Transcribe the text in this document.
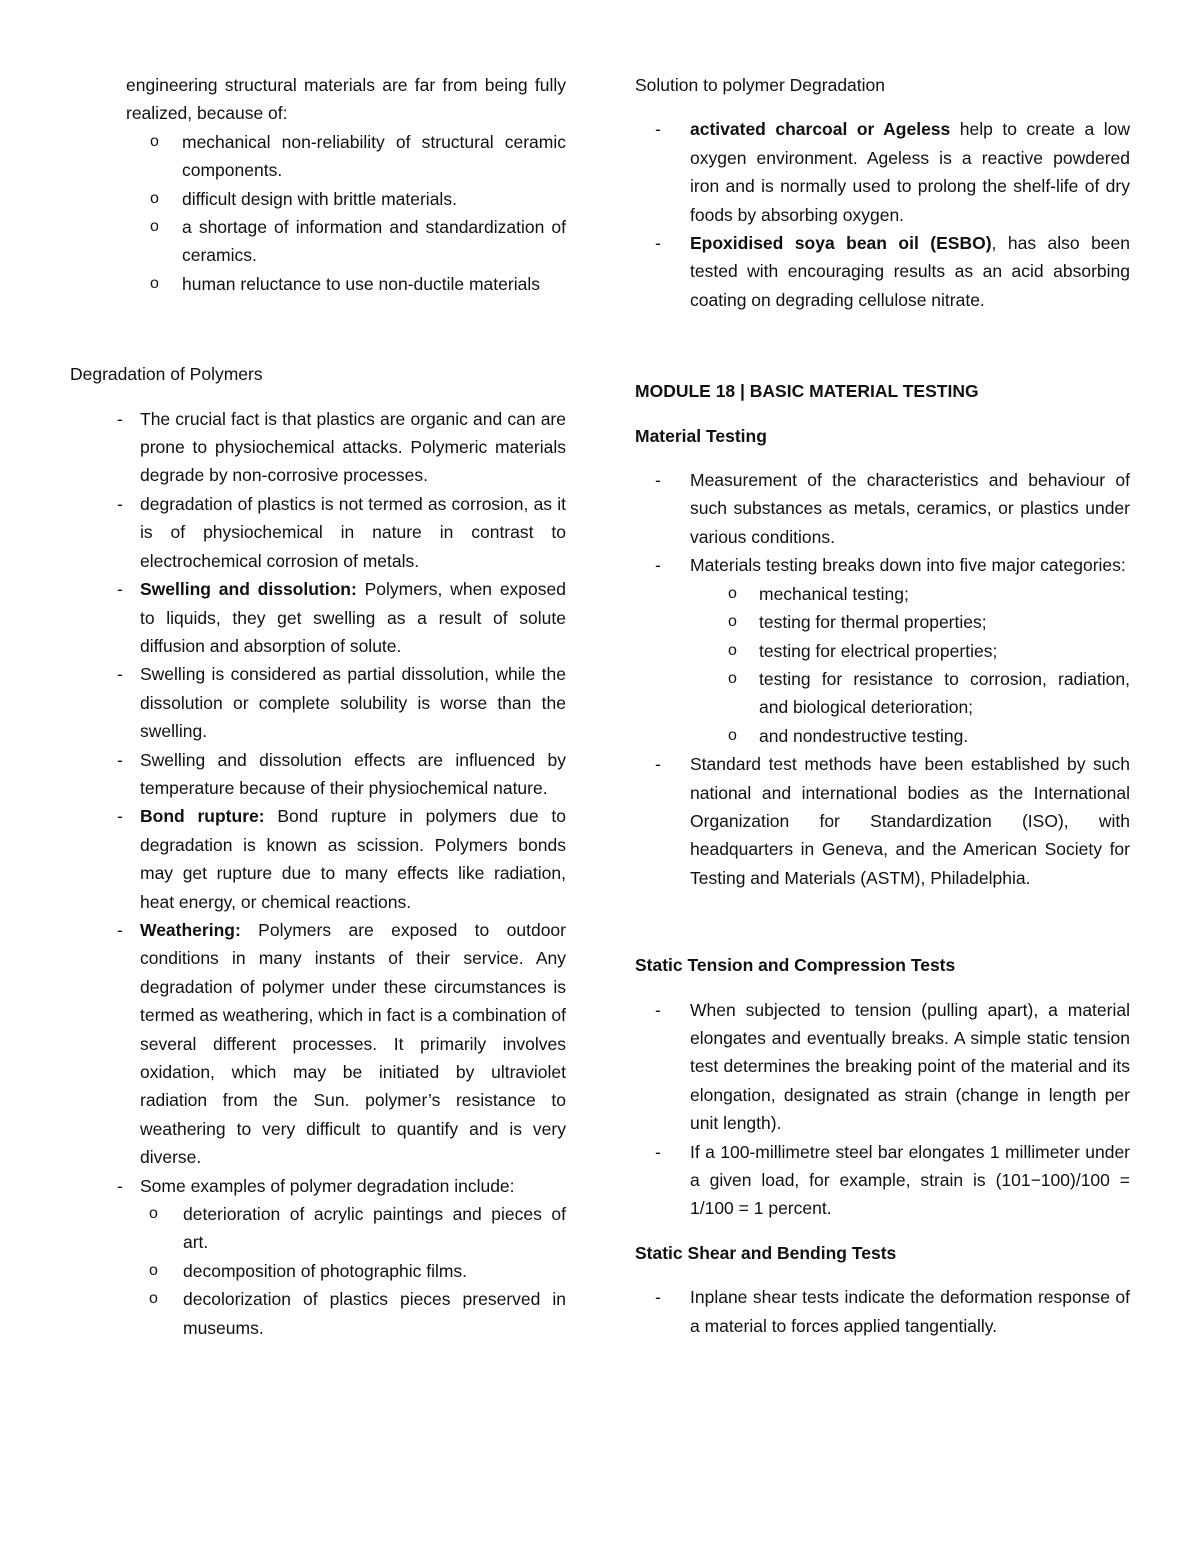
engineering structural materials are far from being fully realized, because of:

o mechanical non-reliability of structural ceramic components.
o difficult design with brittle materials.
o a shortage of information and standardization of ceramics.
o human reluctance to use non-ductile materials

Degradation of Polymers

- The crucial fact is that plastics are organic and can are prone to physiochemical attacks. Polymeric materials degrade by non-corrosive processes.
- degradation of plastics is not termed as corrosion, as it is of physiochemical in nature in contrast to electrochemical corrosion of metals.
- Swelling and dissolution: Polymers, when exposed to liquids, they get swelling as a result of solute diffusion and absorption of solute.
- Swelling is considered as partial dissolution, while the dissolution or complete solubility is worse than the swelling.
- Swelling and dissolution effects are influenced by temperature because of their physiochemical nature.
- Bond rupture: Bond rupture in polymers due to degradation is known as scission. Polymers bonds may get rupture due to many effects like radiation, heat energy, or chemical reactions.
- Weathering: Polymers are exposed to outdoor conditions in many instants of their service. Any degradation of polymer under these circumstances is termed as weathering, which in fact is a combination of several different processes. It primarily involves oxidation, which may be initiated by ultraviolet radiation from the Sun. polymer’s resistance to weathering to very difficult to quantify and is very diverse.
- Some examples of polymer degradation include:
o deterioration of acrylic paintings and pieces of art.
o decomposition of photographic films.
o decolorization of plastics pieces preserved in museums.

Solution to polymer Degradation

- activated charcoal or Ageless help to create a low oxygen environment. Ageless is a reactive powdered iron and is normally used to prolong the shelf-life of dry foods by absorbing oxygen.
- Epoxidised soya bean oil (ESBO), has also been tested with encouraging results as an acid absorbing coating on degrading cellulose nitrate.

MODULE 18 | BASIC MATERIAL TESTING

Material Testing

- Measurement of the characteristics and behaviour of such substances as metals, ceramics, or plastics under various conditions.
- Materials testing breaks down into five major categories:
o mechanical testing;
o testing for thermal properties;
o testing for electrical properties;
o testing for resistance to corrosion, radiation, and biological deterioration;
o and nondestructive testing.
- Standard test methods have been established by such national and international bodies as the International Organization for Standardization (ISO), with headquarters in Geneva, and the American Society for Testing and Materials (ASTM), Philadelphia.

Static Tension and Compression Tests

- When subjected to tension (pulling apart), a material elongates and eventually breaks. A simple static tension test determines the breaking point of the material and its elongation, designated as strain (change in length per unit length).
- If a 100-millimetre steel bar elongates 1 millimeter under a given load, for example, strain is (101−100)/100 = 1/100 = 1 percent.

Static Shear and Bending Tests

- Inplane shear tests indicate the deformation response of a material to forces applied tangentially.
